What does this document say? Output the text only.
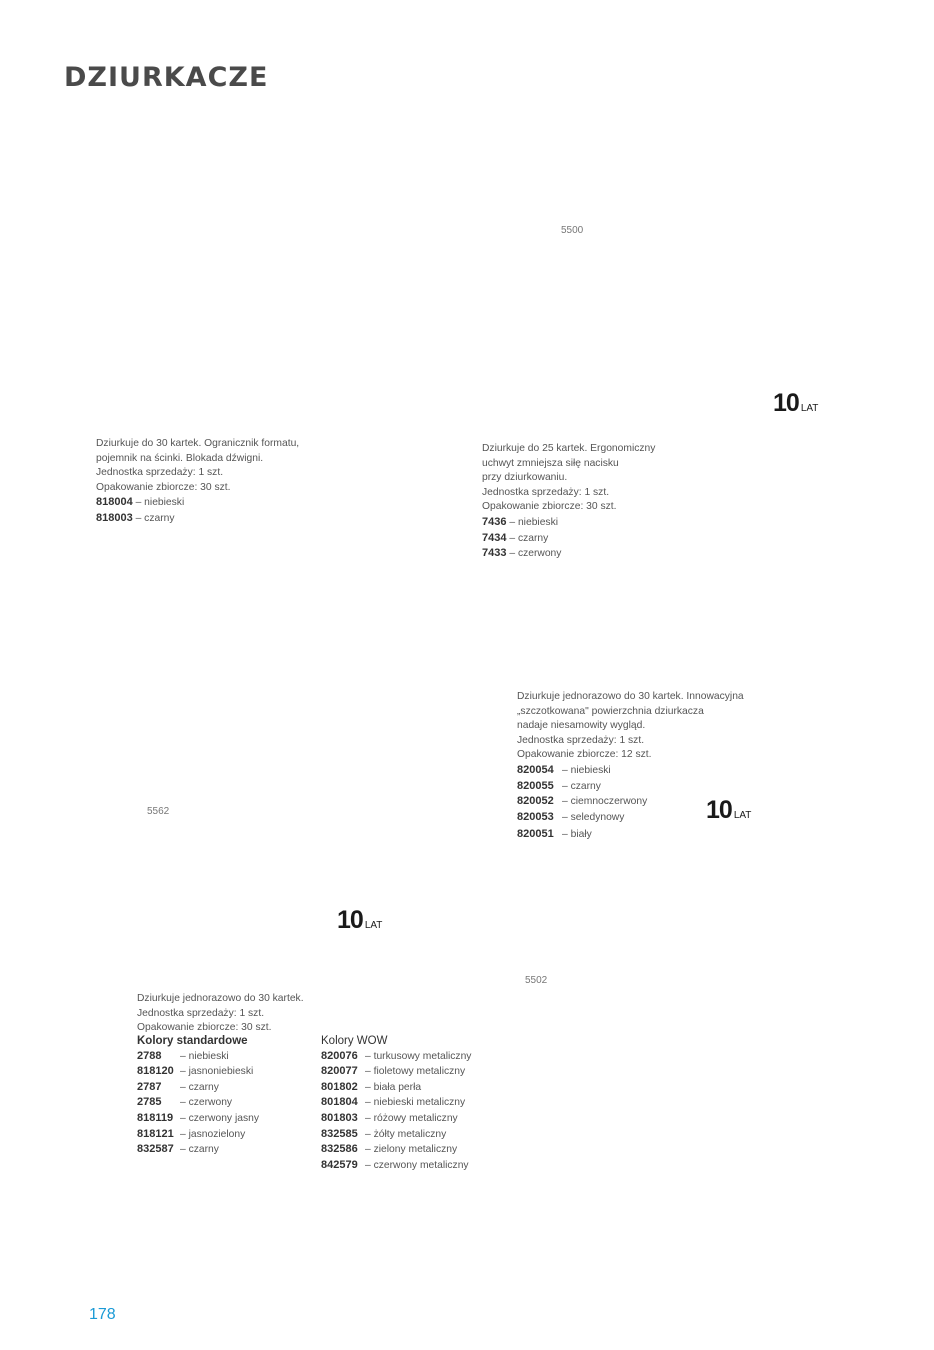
DZIURKACZE
5500
5562
5502
10 LAT
10 LAT
10 LAT
Dziurkuje do 30 kartek. Ogranicznik formatu,
pojemnik na ścinki. Blokada dźwigni.
Jednostka sprzedaży: 1 szt.
Opakowanie zbiorcze: 30 szt.
818004 – niebieski
818003 – czarny
Dziurkuje do 25 kartek. Ergonomiczny
uchwyt zmniejsza siłę nacisku
przy dziurkowaniu.
Jednostka sprzedaży: 1 szt.
Opakowanie zbiorcze: 30 szt.
7436 – niebieski
7434 – czarny
7433 – czerwony
Dziurkuje jednorazowo do 30 kartek. Innowacyjna
„szczotkowana" powierzchnia dziurkacza
nadaje niesamowity wygląd.
Jednostka sprzedaży: 1 szt.
Opakowanie zbiorcze: 12 szt.
820054 – niebieski
820055 – czarny
820052 – ciemnoczerwony
820053 – seledynowy
820051 – biały
Dziurkuje jednorazowo do 30 kartek.
Jednostka sprzedaży: 1 szt.
Opakowanie zbiorcze: 30 szt.
Kolory standardowe
2788 – niebieski
818120 – jasnoniebieski
2787 – czarny
2785 – czerwony
818119 – czerwony jasny
818121 – jasnozielony
832587 – czarny
Kolory WOW
820076 – turkusowy metaliczny
820077 – fioletowy metaliczny
801802 – biała perła
801804 – niebieski metaliczny
801803 – różowy metaliczny
832585 – żółty metaliczny
832586 – zielony metaliczny
842579 – czerwony metaliczny
178
